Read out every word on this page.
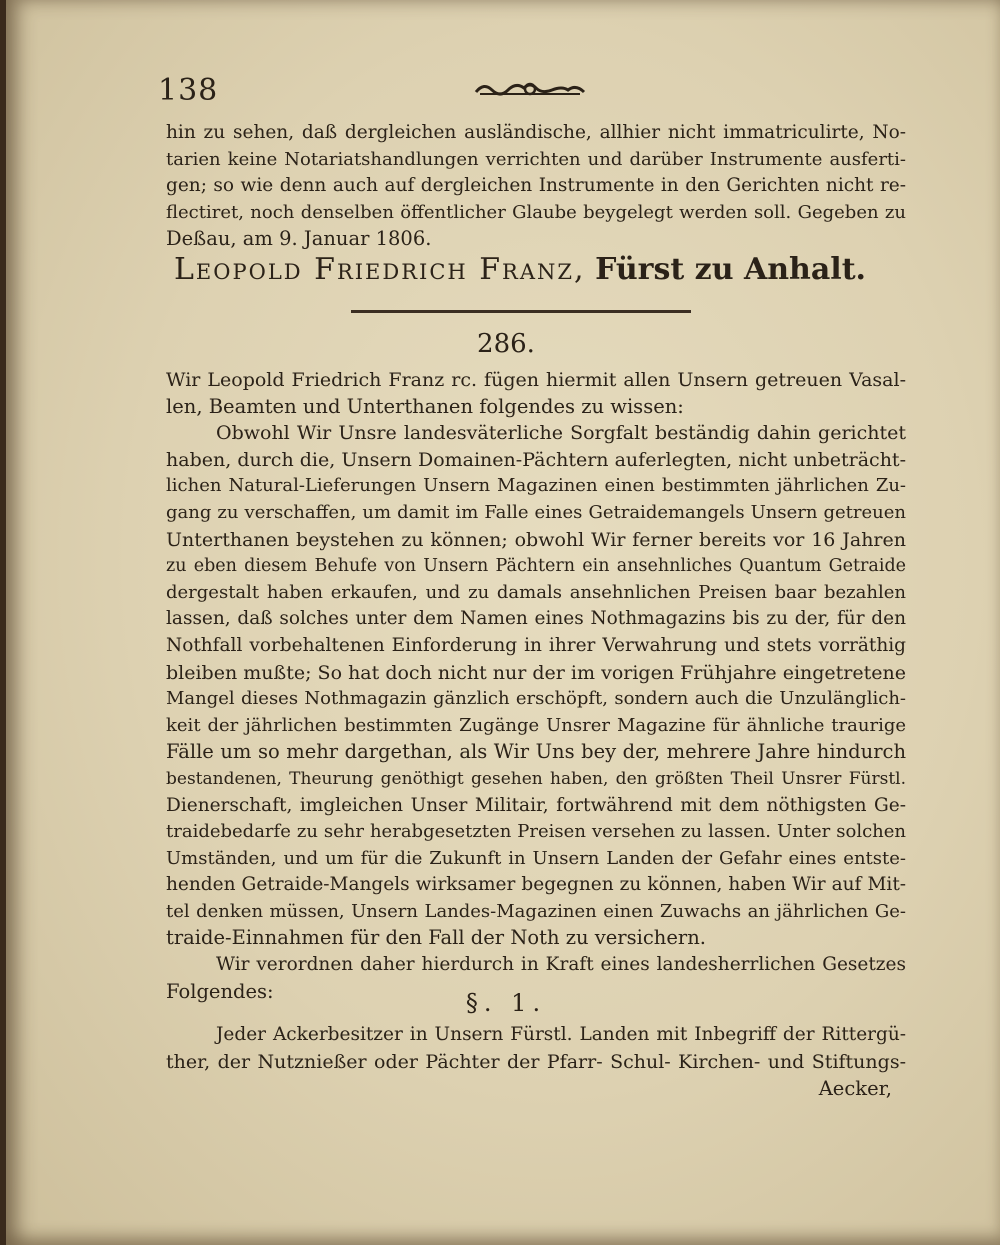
138
hin zu sehen, daß dergleichen ausländische, allhier nicht immatriculirte, No-
tarien keine Notariatshandlungen verrichten und darüber Instrumente ausferti-
gen; so wie denn auch auf dergleichen Instrumente in den Gerichten nicht re-
flectiret, noch denselben öffentlicher Glaube beygelegt werden soll. Gegeben zu
Deßau, am 9. Januar 1806.
Leopold Friedrich Franz, Fürst zu Anhalt.
286.
Wir Leopold Friedrich Franz rc. fügen hiermit allen Unsern getreuen Vasal-
len, Beamten und Unterthanen folgendes zu wissen:
Obwohl Wir Unsre landesväterliche Sorgfalt beständig dahin gerichtet
haben, durch die, Unsern Domainen-Pächtern auferlegten, nicht unbeträcht-
lichen Natural-Lieferungen Unsern Magazinen einen bestimmten jährlichen Zu-
gang zu verschaffen, um damit im Falle eines Getraidemangels Unsern getreuen
Unterthanen beystehen zu können; obwohl Wir ferner bereits vor 16 Jahren
zu eben diesem Behufe von Unsern Pächtern ein ansehnliches Quantum Getraide
dergestalt haben erkaufen, und zu damals ansehnlichen Preisen baar bezahlen
lassen, daß solches unter dem Namen eines Nothmagazins bis zu der, für den
Nothfall vorbehaltenen Einforderung in ihrer Verwahrung und stets vorräthig
bleiben mußte; So hat doch nicht nur der im vorigen Frühjahre eingetretene
Mangel dieses Nothmagazin gänzlich erschöpft, sondern auch die Unzulänglich-
keit der jährlichen bestimmten Zugänge Unsrer Magazine für ähnliche traurige
Fälle um so mehr dargethan, als Wir Uns bey der, mehrere Jahre hindurch
bestandenen, Theurung genöthigt gesehen haben, den größten Theil Unsrer Fürstl.
Dienerschaft, imgleichen Unser Militair, fortwährend mit dem nöthigsten Ge-
traidebedarfe zu sehr herabgesetzten Preisen versehen zu lassen. Unter solchen
Umständen, und um für die Zukunft in Unsern Landen der Gefahr eines entste-
henden Getraide-Mangels wirksamer begegnen zu können, haben Wir auf Mit-
tel denken müssen, Unsern Landes-Magazinen einen Zuwachs an jährlichen Ge-
traide-Einnahmen für den Fall der Noth zu versichern.
Wir verordnen daher hierdurch in Kraft eines landesherrlichen Gesetzes
Folgendes:	§. 1.
Jeder Ackerbesitzer in Unsern Fürstl. Landen mit Inbegriff der Rittergü-
ther, der Nutznießer oder Pächter der Pfarr- Schul- Kirchen- und Stiftungs-
Aecker,
